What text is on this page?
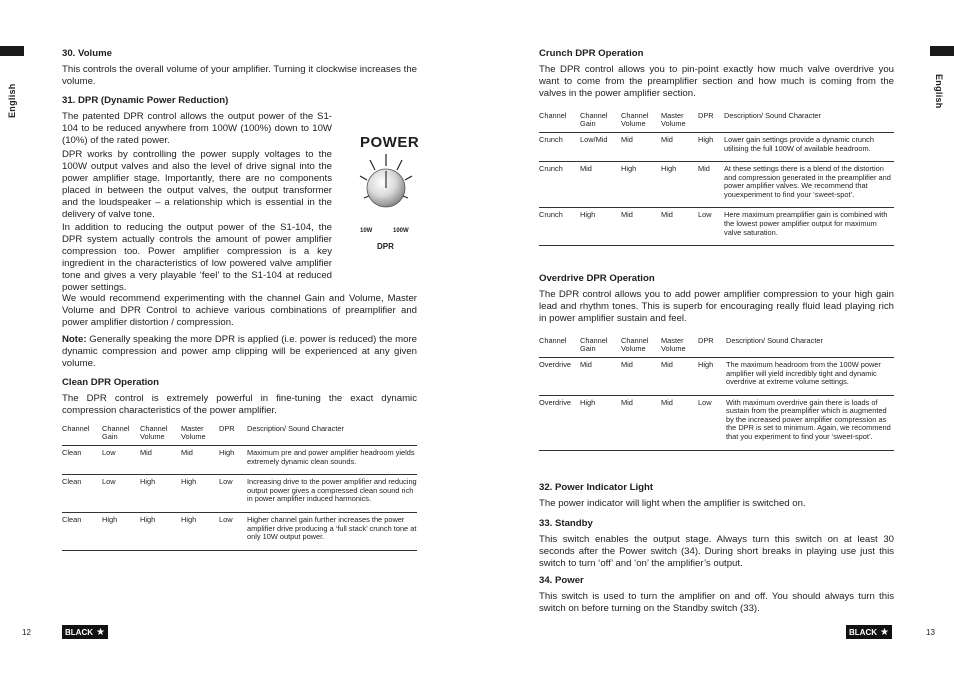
English	English
30. Volume

This controls the overall volume of your amplifier. Turning it clockwise increases the volume.

31. DPR (Dynamic Power Reduction)

The patented DPR control allows the output power of the S1-104 to be reduced anywhere from 100W (100%) down to 10W (10%) of the rated power.

DPR works by controlling the power supply voltages to the 100W output valves and also the level of drive signal into the power amplifier stage. Importantly, there are no components placed in between the output valves, the output transformer and the loudspeaker – a relationship which is essential in the delivery of valve tone.

In addition to reducing the output power of the S1-104, the DPR system actually controls the amount of power amplifier compression too. Power amplifier compression is a key ingredient in the characteristics of low powered valve amplifier tone and gives a very playable ‘feel’ to the S1-104 at reduced power settings.

We would recommend experimenting with the channel Gain and Volume, Master Volume and DPR Control to achieve various combinations of preamplifier and power amplifier distortion / compression.

Note: Generally speaking the more DPR is applied (i.e. power is reduced) the more dynamic compression and power amp clipping will be experienced at any given volume.

Clean DPR Operation

The DPR control is extremely powerful in fine-tuning the exact dynamic compression characteristics of the power amplifier.

Channel	Channel Gain	Channel Volume	Master Volume	DPR	Description/ Sound Character
Clean	Low	Mid	Mid	High	Maximum pre and power amplifier headroom yields extremely dynamic clean sounds.
Clean	Low	High	High	Low	Increasing drive to the power amplifier and reducing output power gives a compressed clean sound rich in power amplifier induced harmonics.
Clean	High	High	High	Low	Higher channel gain further increases the power amplifier drive producing a ‘full stack’ crunch tone at only 10W output power.
POWER
10W	100W
DPR
Crunch DPR Operation

The DPR control allows you to pin-point exactly how much valve overdrive you want to come from the preamplifier section and how much is coming from the valves in the power amplifier section.

Channel	Channel Gain	Channel Volume	Master Volume	DPR	Description/ Sound Character
Crunch	Low/Mid	Mid	Mid	High	Lower gain settings provide a dynamic crunch utilising the full 100W of available headroom.
Crunch	Mid	High	High	Mid	At these settings there is a blend of the distortion and compression generated in the preamplifier and power amplifier valves. We recommend that youexperiment to find your ‘sweet-spot’.
Crunch	High	Mid	Mid	Low	Here maximum preamplifier gain is combined with the lowest power amplifier output for maximum valve saturation.
Overdrive DPR Operation

The DPR control allows you to add power amplifier compression to your high gain lead and rhythm tones. This is superb for encouraging really fluid lead playing rich in power amplifier sustain and feel.

Channel	Channel Gain	Channel Volume	Master Volume	DPR	Description/ Sound Character
Overdrive	Mid	Mid	Mid	High	The maximum headroom from the 100W power amplifier will yield incredibly tight and dynamic overdrive at extreme volume settings.
Overdrive	High	Mid	Mid	Low	With maximum overdrive gain there is loads of sustain from the preamplifier which is augmented by the increased power amplifier compression as the DPR is set to minimum. Again, we recommend that you experiment to find your ‘sweet-spot’.
32. Power Indicator Light

The power indicator will light when the amplifier is switched on.

33. Standby

This switch enables the output stage. Always turn this switch on at least 30 seconds after the Power switch (34). During short breaks in playing use just this switch to turn ‘off’ and ‘on’ the amplifier’s output.

34. Power

This switch is used to turn the amplifier on and off. You should always turn this switch on before turning on the Standby switch (33).

12	BLACK ★	13
BLACK ★
